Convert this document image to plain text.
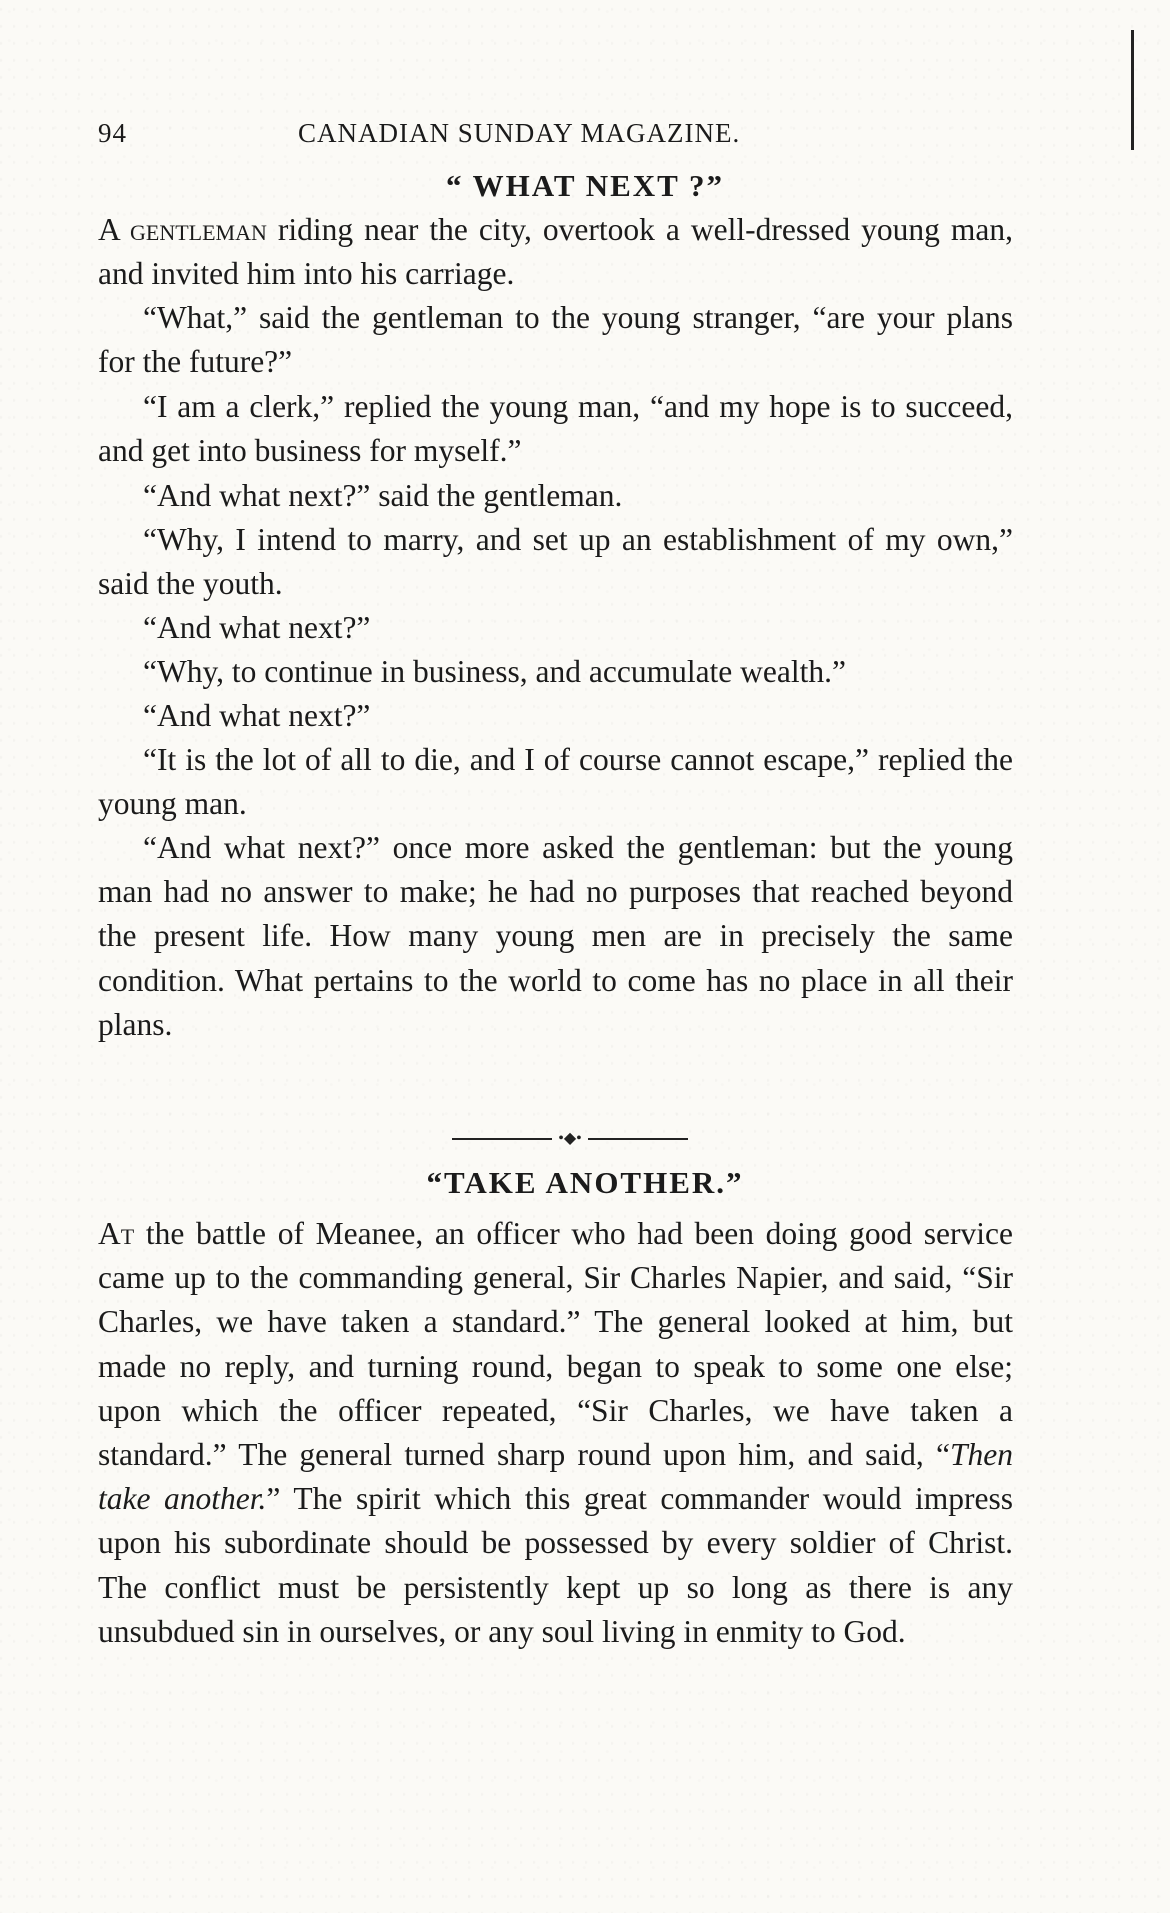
94	CANADIAN SUNDAY MAGAZINE.
“ WHAT NEXT ?”
A gentleman riding near the city, overtook a well-dressed young man, and invited him into his carriage.
“What,” said the gentleman to the young stranger, “are your plans for the future?”
“I am a clerk,” replied the young man, “and my hope is to succeed, and get into business for myself.”
“And what next?” said the gentleman.
“Why, I intend to marry, and set up an establishment of my own,” said the youth.
“And what next?”
“Why, to continue in business, and accumulate wealth.”
“And what next?”
“It is the lot of all to die, and I of course cannot escape,” replied the young man.
“And what next?” once more asked the gentleman: but the young man had no answer to make; he had no purposes that reached beyond the present life. How many young men are in precisely the same condition. What pertains to the world to come has no place in all their plans.
•◆•
“TAKE ANOTHER.”
At the battle of Meanee, an officer who had been doing good service came up to the commanding general, Sir Charles Napier, and said, “Sir Charles, we have taken a standard.” The general looked at him, but made no reply, and turning round, began to speak to some one else; upon which the officer repeated, “Sir Charles, we have taken a standard.” The general turned sharp round upon him, and said, “Then take another.” The spirit which this great commander would impress upon his subordinate should be possessed by every soldier of Christ. The conflict must be persistently kept up so long as there is any unsubdued sin in ourselves, or any soul living in enmity to God.
